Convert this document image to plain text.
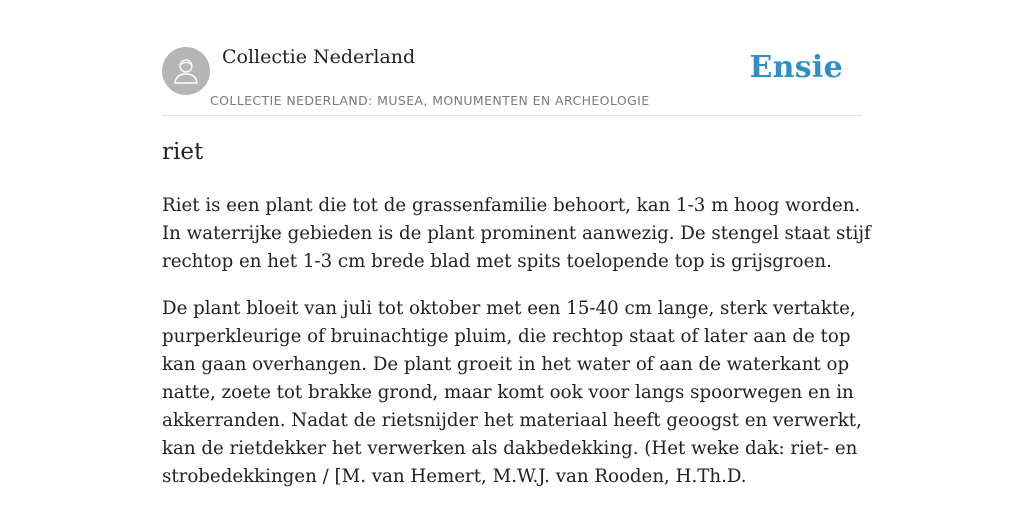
Collectie Nederland
COLLECTIE NEDERLAND: MUSEA, MONUMENTEN EN ARCHEOLOGIE
Ensie
riet

Riet is een plant die tot de grassenfamilie behoort, kan 1-3 m hoog worden. In waterrijke gebieden is de plant prominent aanwezig. De stengel staat stijf rechtop en het 1-3 cm brede blad met spits toelopende top is grijsgroen.

De plant bloeit van juli tot oktober met een 15-40 cm lange, sterk vertakte, purperkleurige of bruinachtige pluim, die rechtop staat of later aan de top kan gaan overhangen. De plant groeit in het water of aan de waterkant op natte, zoete tot brakke grond, maar komt ook voor langs spoorwegen en in akkerranden. Nadat de rietsnijder het materiaal heeft geoogst en verwerkt, kan de rietdekker het verwerken als dakbedekking. (Het weke dak: riet- en strobedekkingen / [M. van Hemert, M.W.J. van Rooden, H.Th.D.
